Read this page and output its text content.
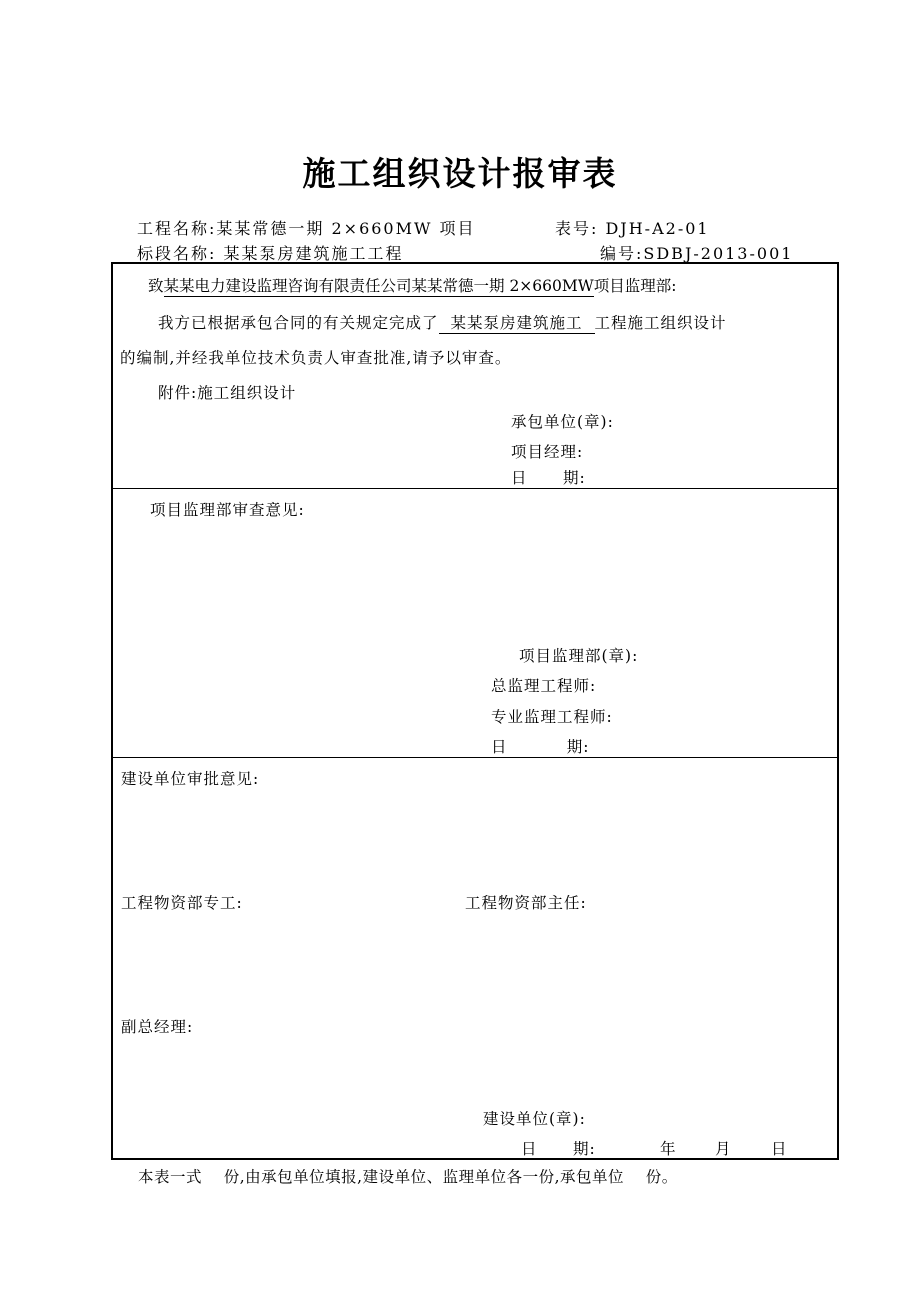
施工组织设计报审表
工程名称:某某常德一期 2×660MW 项目	表号: DJH-A2-01
标段名称: 某某泵房建筑施工工程	编号:SDBJ-2013-001
致某某电力建设监理咨询有限责任公司某某常德一期 2×660MW项目监理部:
我方已根据承包合同的有关规定完成了某某泵房建筑施工工程施工组织设计
的编制,并经我单位技术负责人审查批准,请予以审查。
附件:施工组织设计
承包单位(章):
项目经理:
日      期:
项目监理部审查意见:
项目监理部(章):
总监理工程师:
专业监理工程师:
日          期:
建设单位审批意见:
工程物资部专工:	工程物资部主任:
副总经理:
建设单位(章):
日      期:	年 月	日
本表一式    份,由承包单位填报,建设单位、监理单位各一份,承包单位    份。
